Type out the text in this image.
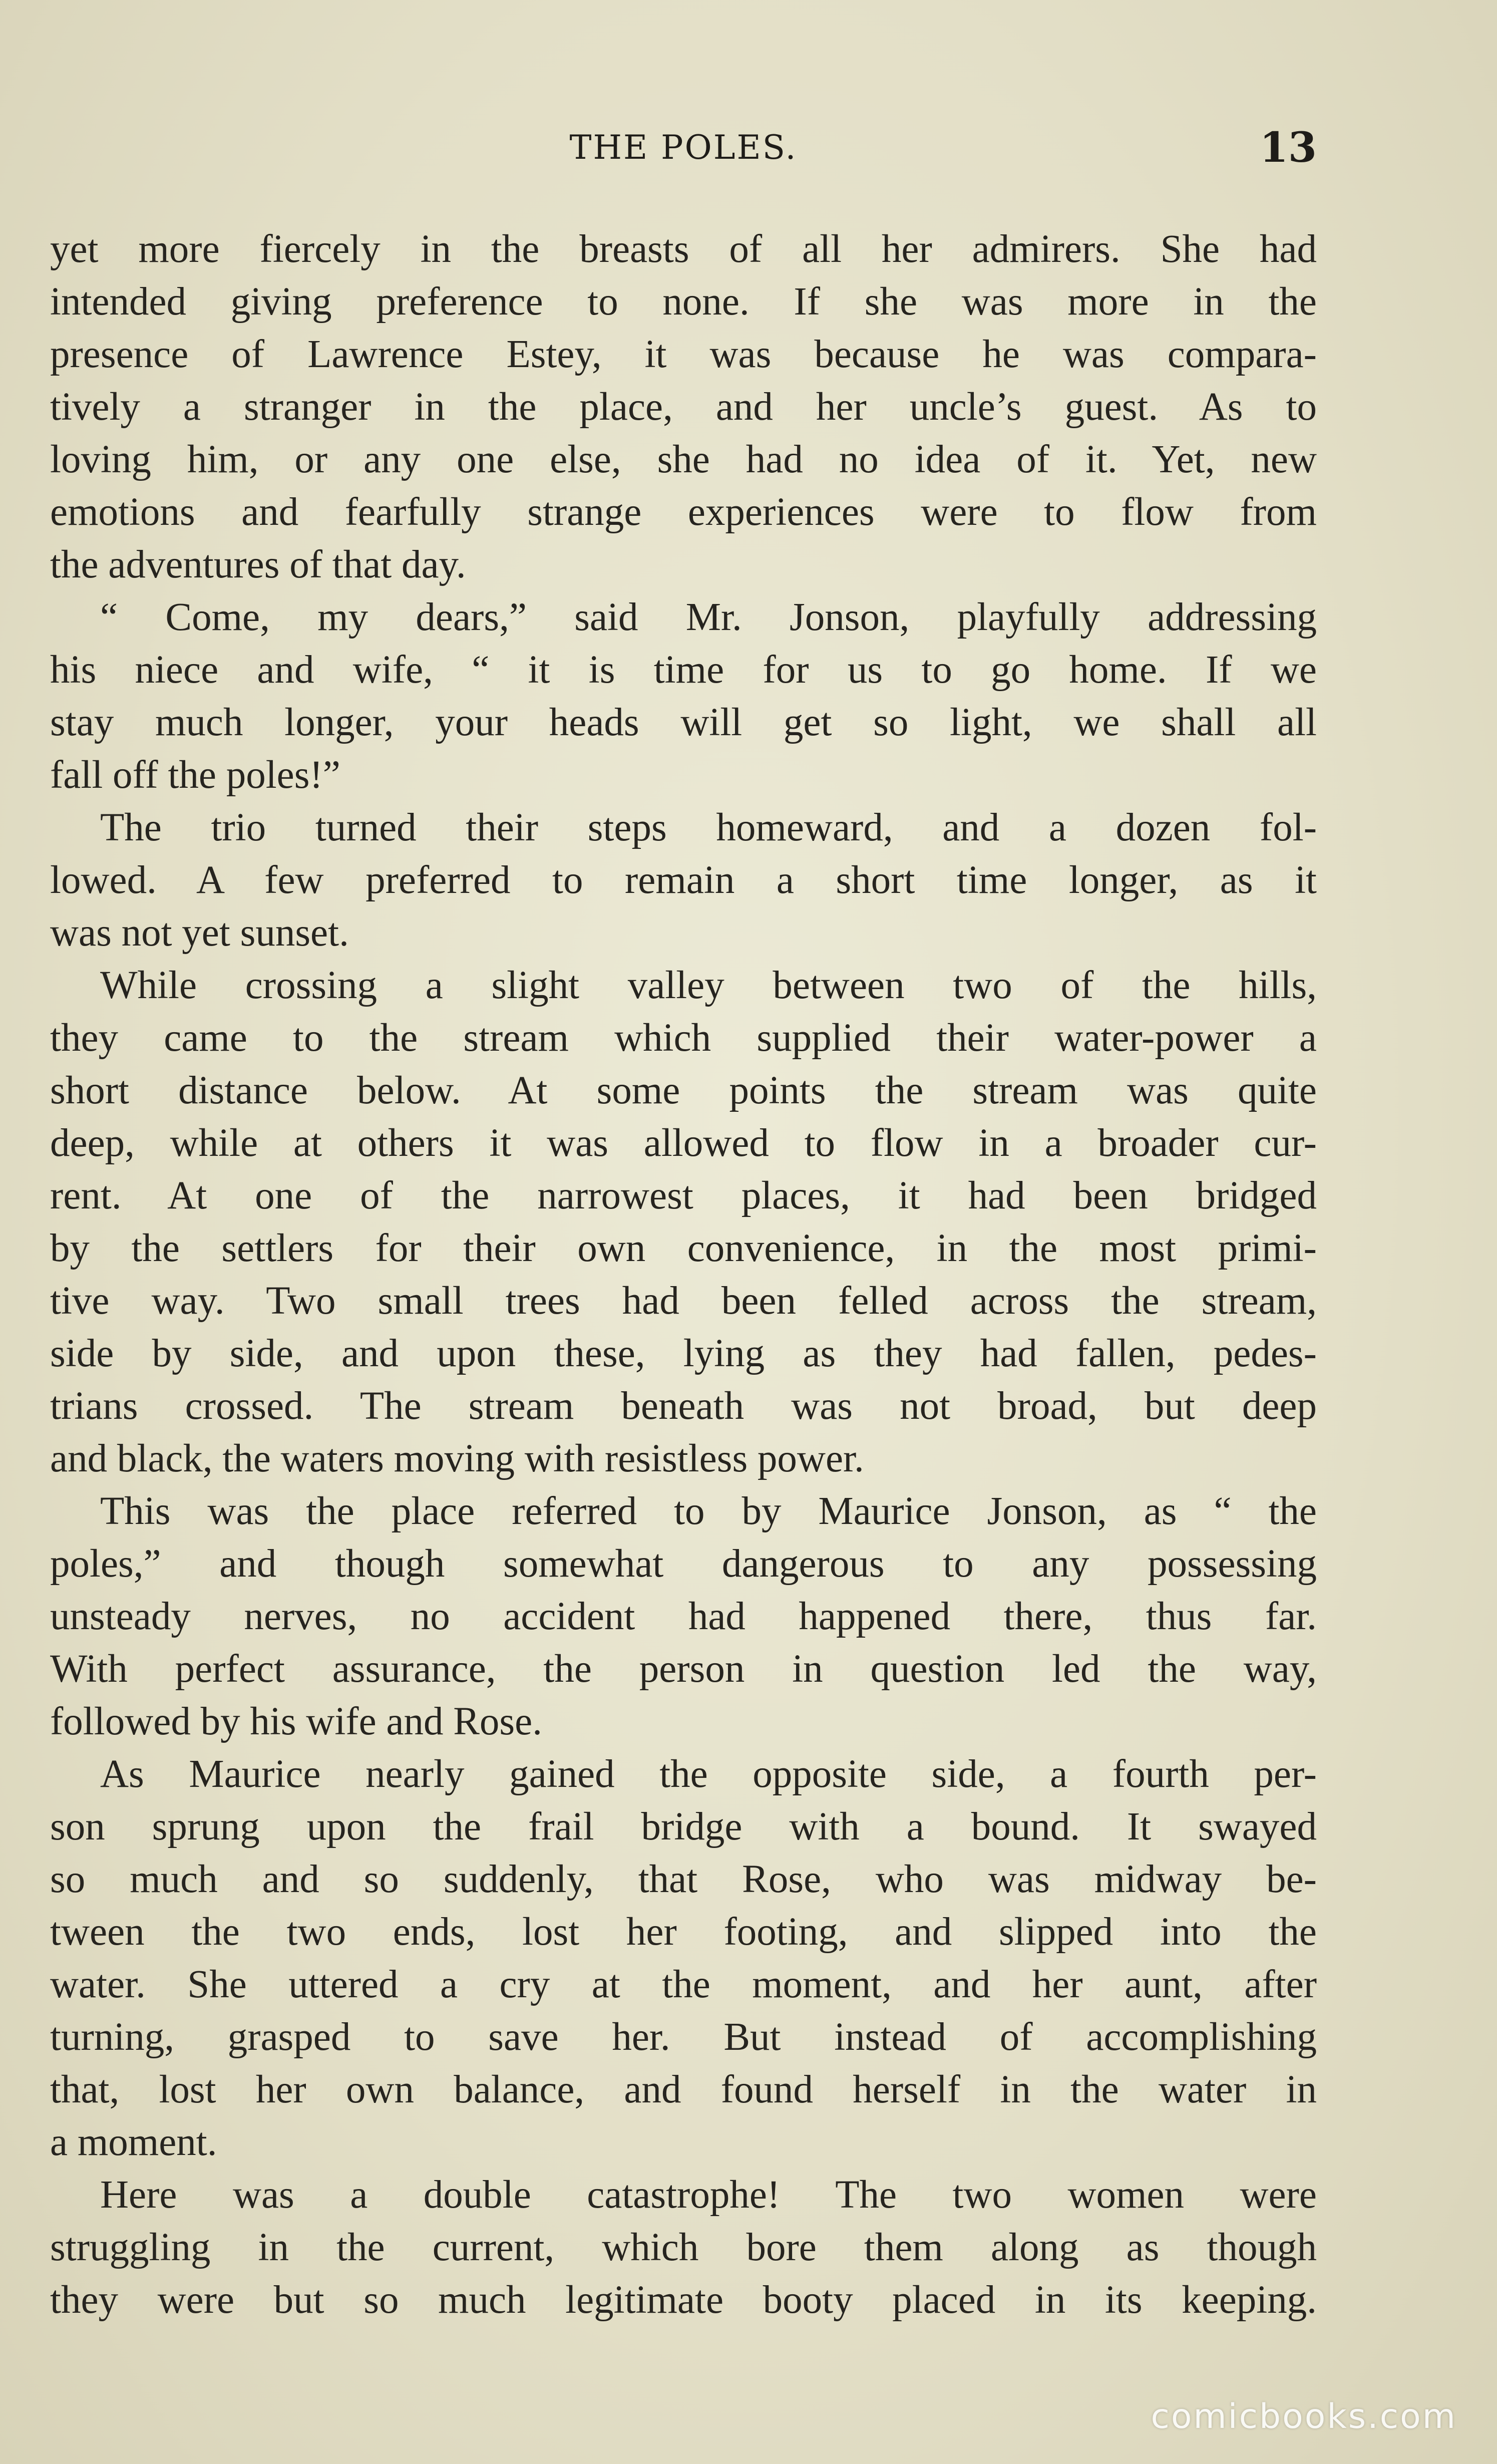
THE POLES.	13
yet more fiercely in the breasts of all her admirers. She had
intended giving preference to none. If she was more in the
presence of Lawrence Estey, it was because he was compara-
tively a stranger in the place, and her uncle’s guest. As to
loving him, or any one else, she had no idea of it. Yet, new
emotions and fearfully strange experiences were to flow from
the adventures of that day.
“ Come, my dears,” said Mr. Jonson, playfully addressing
his niece and wife, “ it is time for us to go home. If we
stay much longer, your heads will get so light, we shall all
fall off the poles!”
The trio turned their steps homeward, and a dozen fol-
lowed. A few preferred to remain a short time longer, as it
was not yet sunset.
While crossing a slight valley between two of the hills,
they came to the stream which supplied their water-power a
short distance below. At some points the stream was quite
deep, while at others it was allowed to flow in a broader cur-
rent. At one of the narrowest places, it had been bridged
by the settlers for their own convenience, in the most primi-
tive way. Two small trees had been felled across the stream,
side by side, and upon these, lying as they had fallen, pedes-
trians crossed. The stream beneath was not broad, but deep
and black, the waters moving with resistless power.
This was the place referred to by Maurice Jonson, as “ the
poles,” and though somewhat dangerous to any possessing
unsteady nerves, no accident had happened there, thus far.
With perfect assurance, the person in question led the way,
followed by his wife and Rose.
As Maurice nearly gained the opposite side, a fourth per-
son sprung upon the frail bridge with a bound. It swayed
so much and so suddenly, that Rose, who was midway be-
tween the two ends, lost her footing, and slipped into the
water. She uttered a cry at the moment, and her aunt, after
turning, grasped to save her. But instead of accomplishing
that, lost her own balance, and found herself in the water in
a moment.
Here was a double catastrophe! The two women were
struggling in the current, which bore them along as though
they were but so much legitimate booty placed in its keeping.
comicbooks.com
